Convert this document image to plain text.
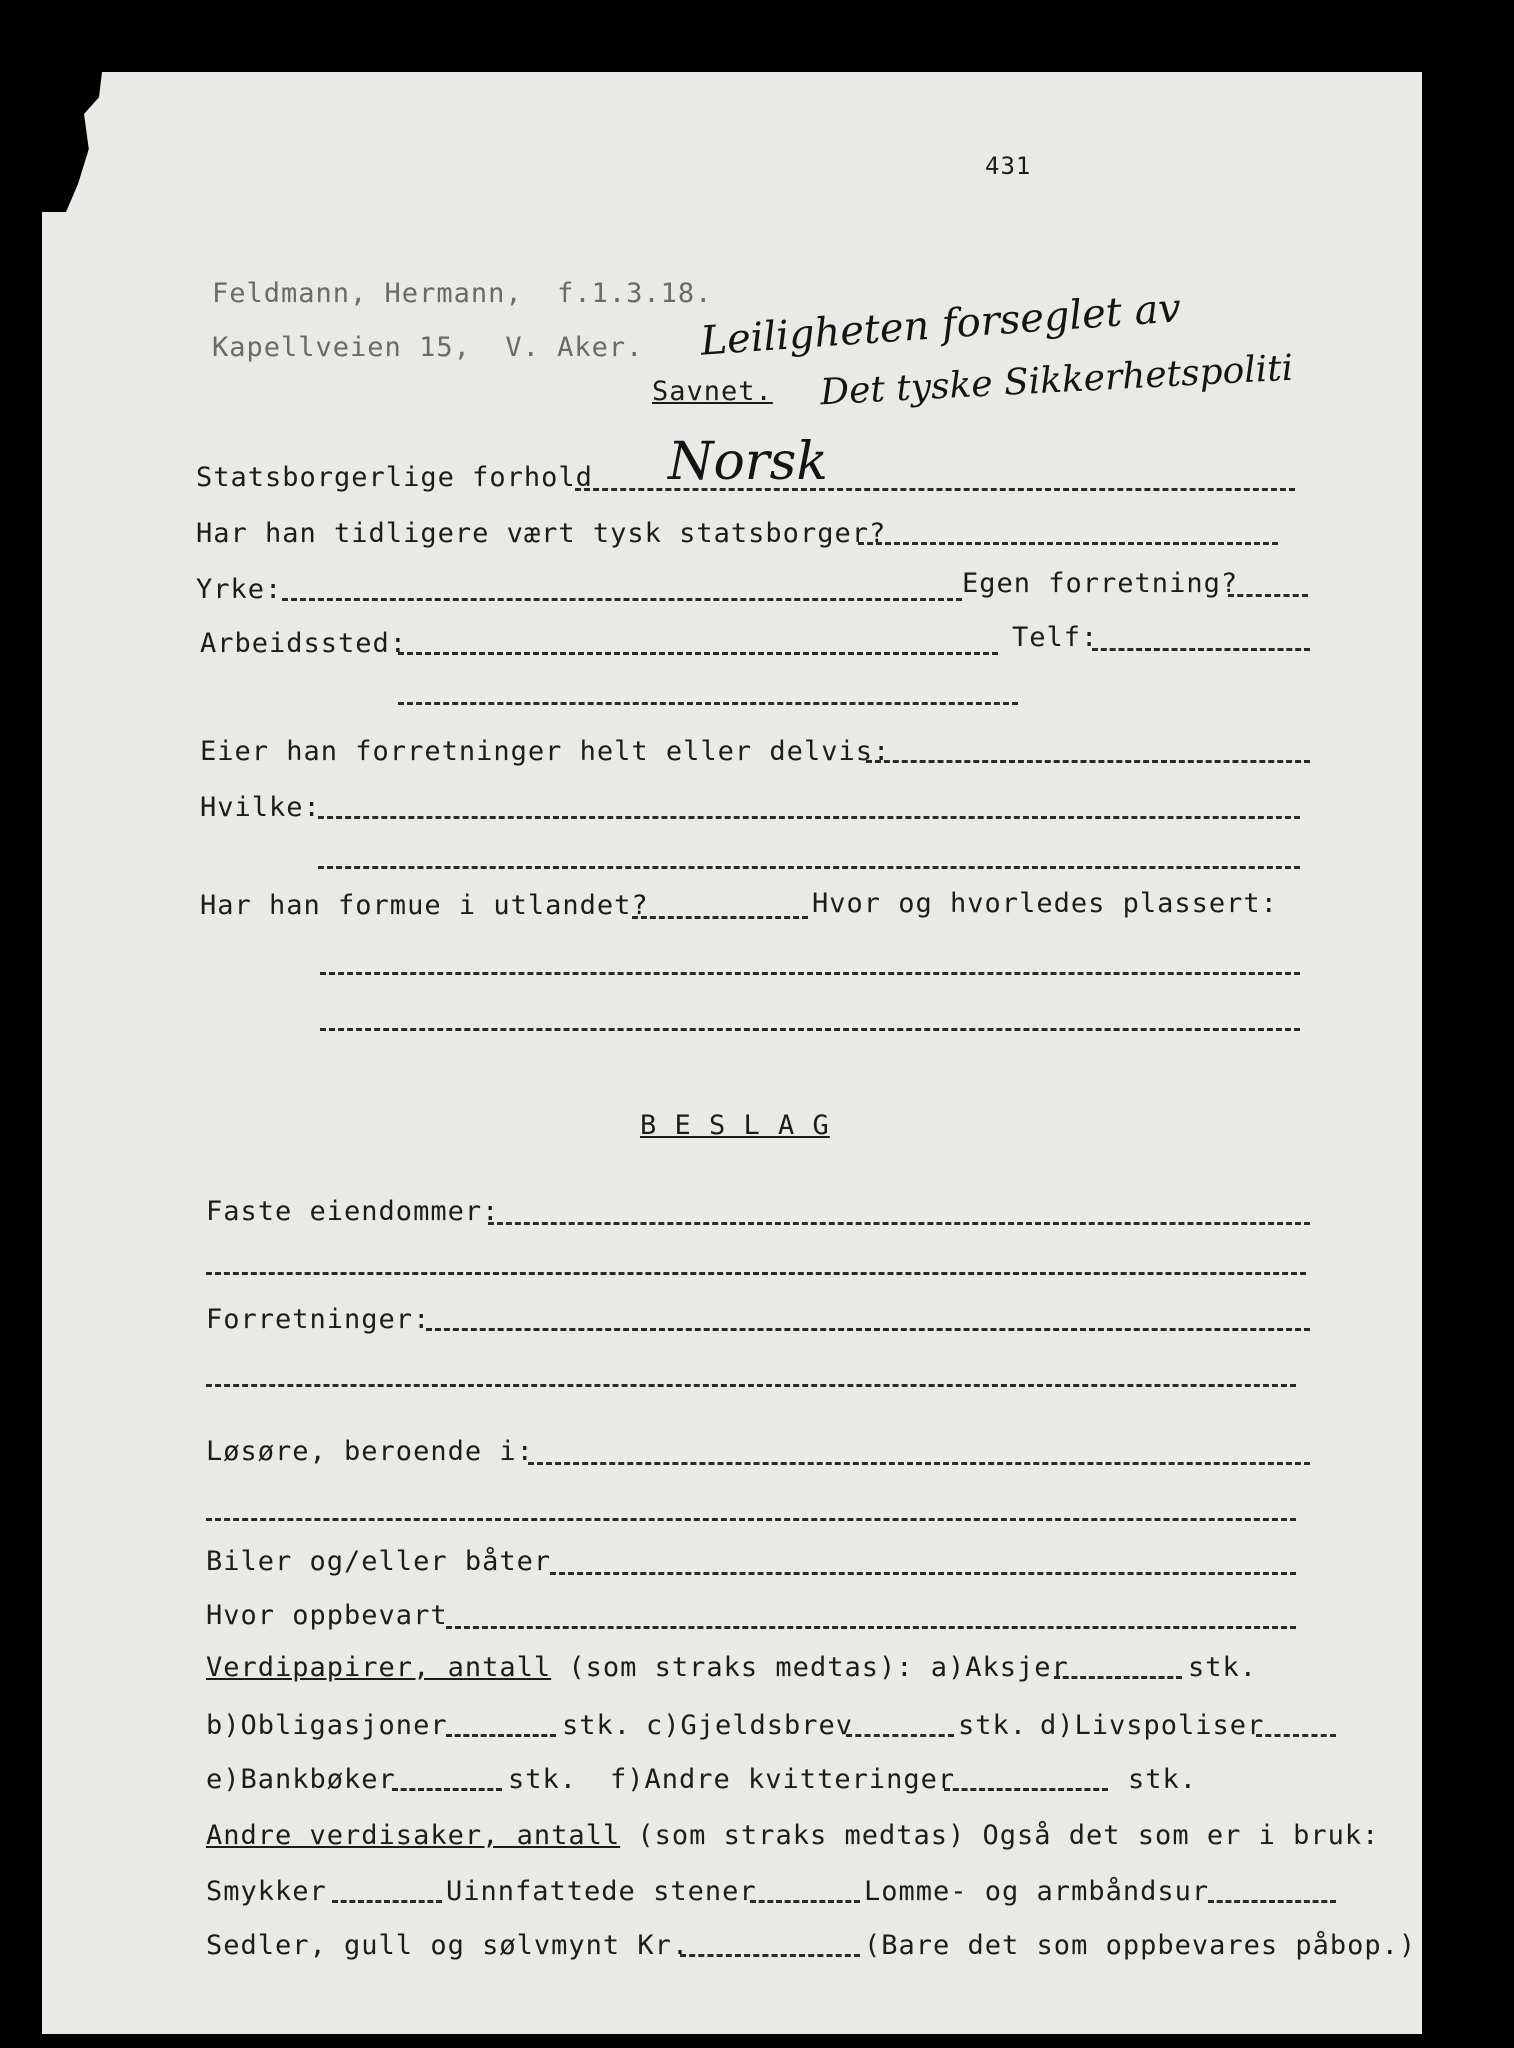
431
Feldmann, Hermann,  f.1.3.18.
Kapellveien 15,  V. Aker.
Savnet.
Leiligheten forseglet av
Det tyske Sikkerhetspoliti
Norsk
Statsborgerlige forhold
Har han tidligere vært tysk statsborger?
Yrke:	Egen forretning?
Arbeidssted:	Telf:
Eier han forretninger helt eller delvis:
Hvilke:
Har han formue i utlandet?	Hvor og hvorledes plassert:
B E S L A G
Faste eiendommer:
Forretninger:
Løsøre, beroende i:
Biler og/eller båter
Hvor oppbevart
Verdipapirer, antall (som straks medtas): a)Aksjer	stk.
b)Obligasjoner	stk. c)Gjeldsbrev	stk. d)Livspoliser
e)Bankbøker	stk. f)Andre kvitteringer	stk.
Andre verdisaker, antall (som straks medtas) Også det som er i bruk:
Smykker	Uinnfattede stener	Lomme- og armbåndsur
Sedler, gull og sølvmynt Kr.	(Bare det som oppbevares påbop.)
